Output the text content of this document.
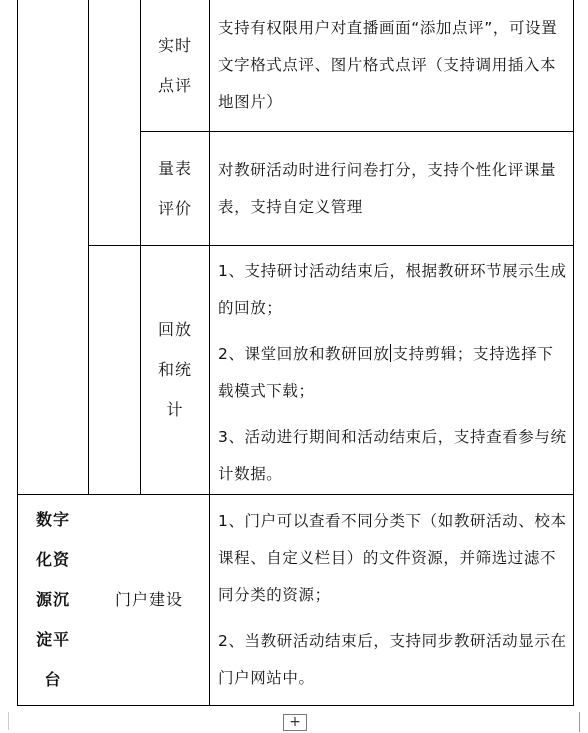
实时
点评

支持有权限用户对直播画面“添加点评”，可设置文字格式点评、图片格式点评（支持调用插入本地图片）

量表
评价

对教研活动时进行问卷打分，支持个性化评课量表，支持自定义管理

回放
和统
计

1、支持研讨活动结束后，根据教研环节展示生成的回放；

2、课堂回放和教研回放 支持剪辑；支持选择下载模式下载；

3、活动进行期间和活动结束后，支持查看参与统计数据。

数字
化资
源沉
淀平
台
门户建设

1、门户可以查看不同分类下（如教研活动、校本课程、自定义栏目）的文件资源，并筛选过滤不同分类的资源；

2、当教研活动结束后，支持同步教研活动显示在门户网站中。

+
